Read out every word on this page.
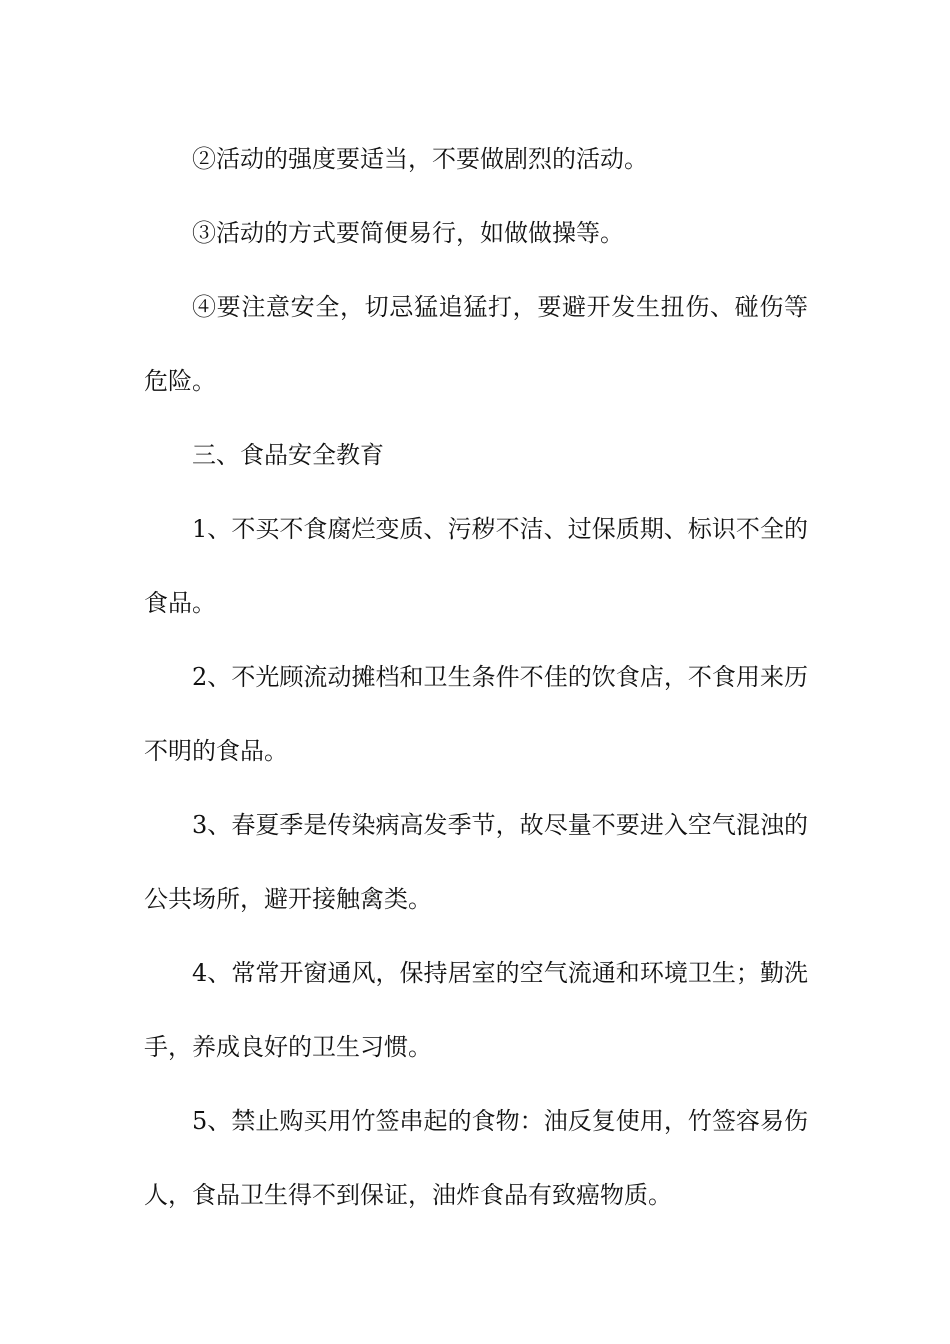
②活动的强度要适当，不要做剧烈的活动。

③活动的方式要简便易行，如做做操等。

④要注意安全，切忌猛追猛打，要避开发生扭伤、碰伤等危险。

三、食品安全教育

1、不买不食腐烂变质、污秽不洁、过保质期、标识不全的食品。

2、不光顾流动摊档和卫生条件不佳的饮食店，不食用来历不明的食品。

3、春夏季是传染病高发季节，故尽量不要进入空气混浊的公共场所，避开接触禽类。

4、常常开窗通风，保持居室的空气流通和环境卫生；勤洗手，养成良好的卫生习惯。

5、禁止购买用竹签串起的食物：油反复使用，竹签容易伤人，食品卫生得不到保证，油炸食品有致癌物质。
